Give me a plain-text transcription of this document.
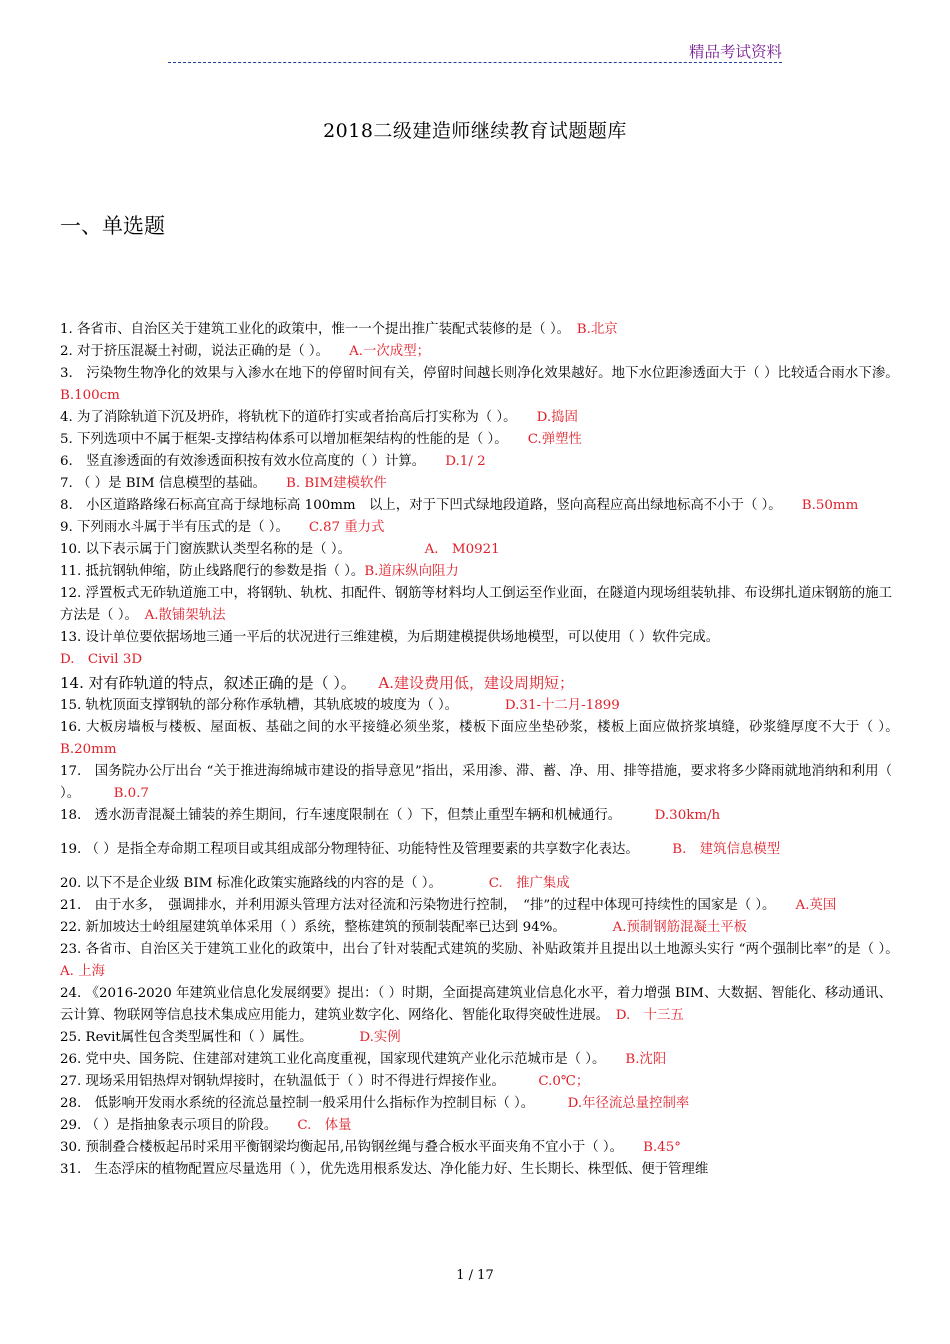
精品考试资料
2018二级建造师继续教育试题题库
一、单选题

1. 各省市、自治区关于建筑工业化的政策中，惟一一个提出推广装配式装修的是（ ）。　B.北京

2. 对于挤压混凝土衬砌，说法正确的是（ ）。　　A.一次成型；

3.　污染物生物净化的效果与入渗水在地下的停留时间有关，停留时间越长则净化效果越好。地下水位距渗透面大于（ ）比较适合雨水下渗。　B.100cm

4. 为了消除轨道下沉及坍砟，将轨枕下的道砟打实或者抬高后打实称为（ ）。　　D.捣固

5. 下列选项中不属于框架-支撑结构体系可以增加框架结构的性能的是（ ）。　　C.弹塑性

6.　竖直渗透面的有效渗透面积按有效水位高度的（ ）计算。　　D.1/ 2

7. （ ）是 BIM 信息模型的基础。　　B. BIM建模软件

8.　小区道路路缘石标高宜高于绿地标高 100mm　以上，对于下凹式绿地段道路，竖向高程应高出绿地标高不小于（ ）。　　B.50mm

9. 下列雨水斗属于半有压式的是（ ）。　　C.87 重力式

10. 以下表示属于门窗族默认类型名称的是（ ）。　　　　　　A.　M0921

11. 抵抗钢轨伸缩，防止线路爬行的参数是指（ ）。B.道床纵向阻力

12. 浮置板式无砟轨道施工中，将钢轨、轨枕、扣配件、钢筋等材料均人工倒运至作业面，在隧道内现场组装轨排、布设绑扎道床钢筋的施工方法是（ ）。　A.散铺架轨法

13. 设计单位要依据场地三通一平后的状况进行三维建模，为后期建模提供场地模型，可以使用（ ）软件完成。
D.　Civil 3D

14. 对有砟轨道的特点，叙述正确的是（ ）。　　A.建设费用低，建设周期短；

15. 轨枕顶面支撑钢轨的部分称作承轨槽，其轨底坡的坡度为（ ）。　　　　D.31-十二月-1899

16. 大板房墙板与楼板、屋面板、基础之间的水平接缝必须坐浆，楼板下面应坐垫砂浆，楼板上面应做挤浆填缝，砂浆缝厚度不大于（ ）。　　　B.20mm

17.　国务院办公厅出台 “关于推进海绵城市建设的指导意见”指出，采用渗、滞、蓄、净、用、排等措施，要求将多少降雨就地消纳和利用（ ）。　　　B.0.7

18.　透水沥青混凝土铺装的养生期间，行车速度限制在（ ）下，但禁止重型车辆和机械通行。　　　D.30km/h

19. （ ）是指全寿命期工程项目或其组成部分物理特征、功能特性及管理要素的共享数字化表达。　　　B.　建筑信息模型

20. 以下不是企业级 BIM 标准化政策实施路线的内容的是（ ）。　　　　C.　推广集成

21.　由于水多，　强调排水，并利用源头管理方法对径流和污染物进行控制，　“排”的过程中体现可持续性的国家是（ ）。　　A.英国

22. 新加坡达士岭组屋建筑单体采用（ ）系统，整栋建筑的预制装配率已达到 94%。　　　　A.预制钢筋混凝土平板

23. 各省市、自治区关于建筑工业化的政策中，出台了针对装配式建筑的奖励、补贴政策并且提出以土地源头实行 “两个强制比率”的是（ ）。　　　A. 上海

24. 《2016-2020 年建筑业信息化发展纲要》提出：（ ）时期，全面提高建筑业信息化水平，着力增强 BIM、大数据、智能化、移动通讯、云计算、物联网等信息技术集成应用能力，建筑业数字化、网络化、智能化取得突破性进展。　D.　十三五

25. Revit属性包含类型属性和（ ）属性。　　　　D.实例

26. 党中央、国务院、住建部对建筑工业化高度重视，国家现代建筑产业化示范城市是（ ）。　　B.沈阳

27. 现场采用铝热焊对钢轨焊接时，在轨温低于（ ）时不得进行焊接作业。　　　C.0℃；

28.　低影响开发雨水系统的径流总量控制一般采用什么指标作为控制目标（ ）。　　　D.年径流总量控制率

29. （ ）是指抽象表示项目的阶段。　　C.　体量

30. 预制叠合楼板起吊时采用平衡钢梁均衡起吊,吊钩钢丝绳与叠合板水平面夹角不宜小于（ ）。　　B.45°

31.　生态浮床的植物配置应尽量选用（ ），优先选用根系发达、净化能力好、生长期长、株型低、便于管理维

1 / 17
